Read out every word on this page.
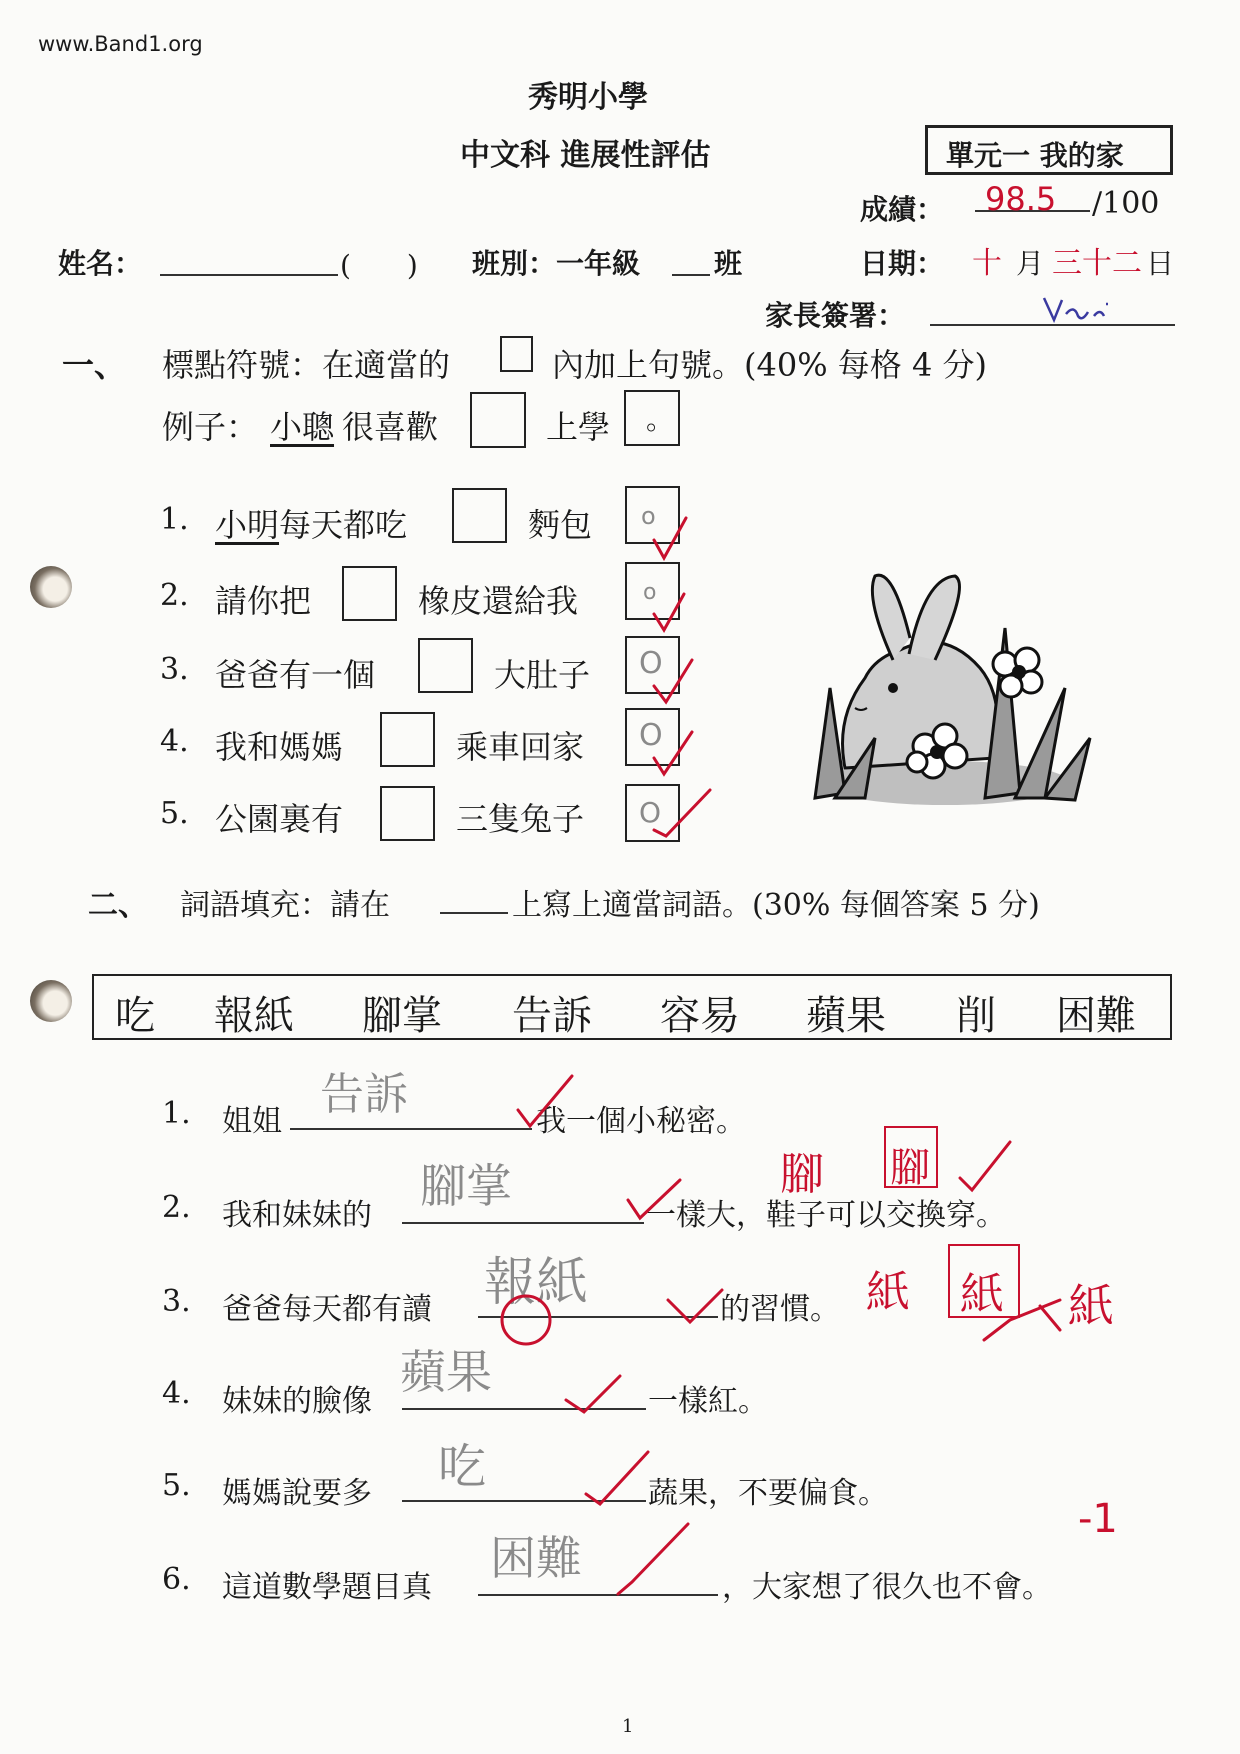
www.Band1.org
秀明小學
中文科 進展性評估	單元一 我的家
成績： 98.5 /100
姓名：	(　　) 班別：一年級	班	日期： 十 月 三十二 日
家長簽署：
一、 標點符號：在適當的	內加上句號。(40% 每格 4 分)
例子： 小聰 很喜歡	上學 。
1. 小明每天都吃	麪包 o
2. 請你把	橡皮還給我	o
3. 爸爸有一個	大肚子 O
4. 我和媽媽	乘車回家 O
5. 公園裏有	三隻兔子 O
二、 詞語填充：請在	上寫上適當詞語。(30% 每個答案 5 分)
吃 報紙 腳掌 告訴 容易 蘋果 削 困難
1. 姐姐
告訴
我一個小秘密。
2. 我和妹妹的
腳掌
一樣大，鞋子可以交換穿。
3. 爸爸每天都有讀 報紙	的習慣。
4. 妹妹的臉像
蘋果
一樣紅。
5. 媽媽說要多 吃	蔬果，不要偏食。
6. 這道數學題目真
困難
，大家想了很久也不會。
腳 腳
紙 紙 紙
-1
1
